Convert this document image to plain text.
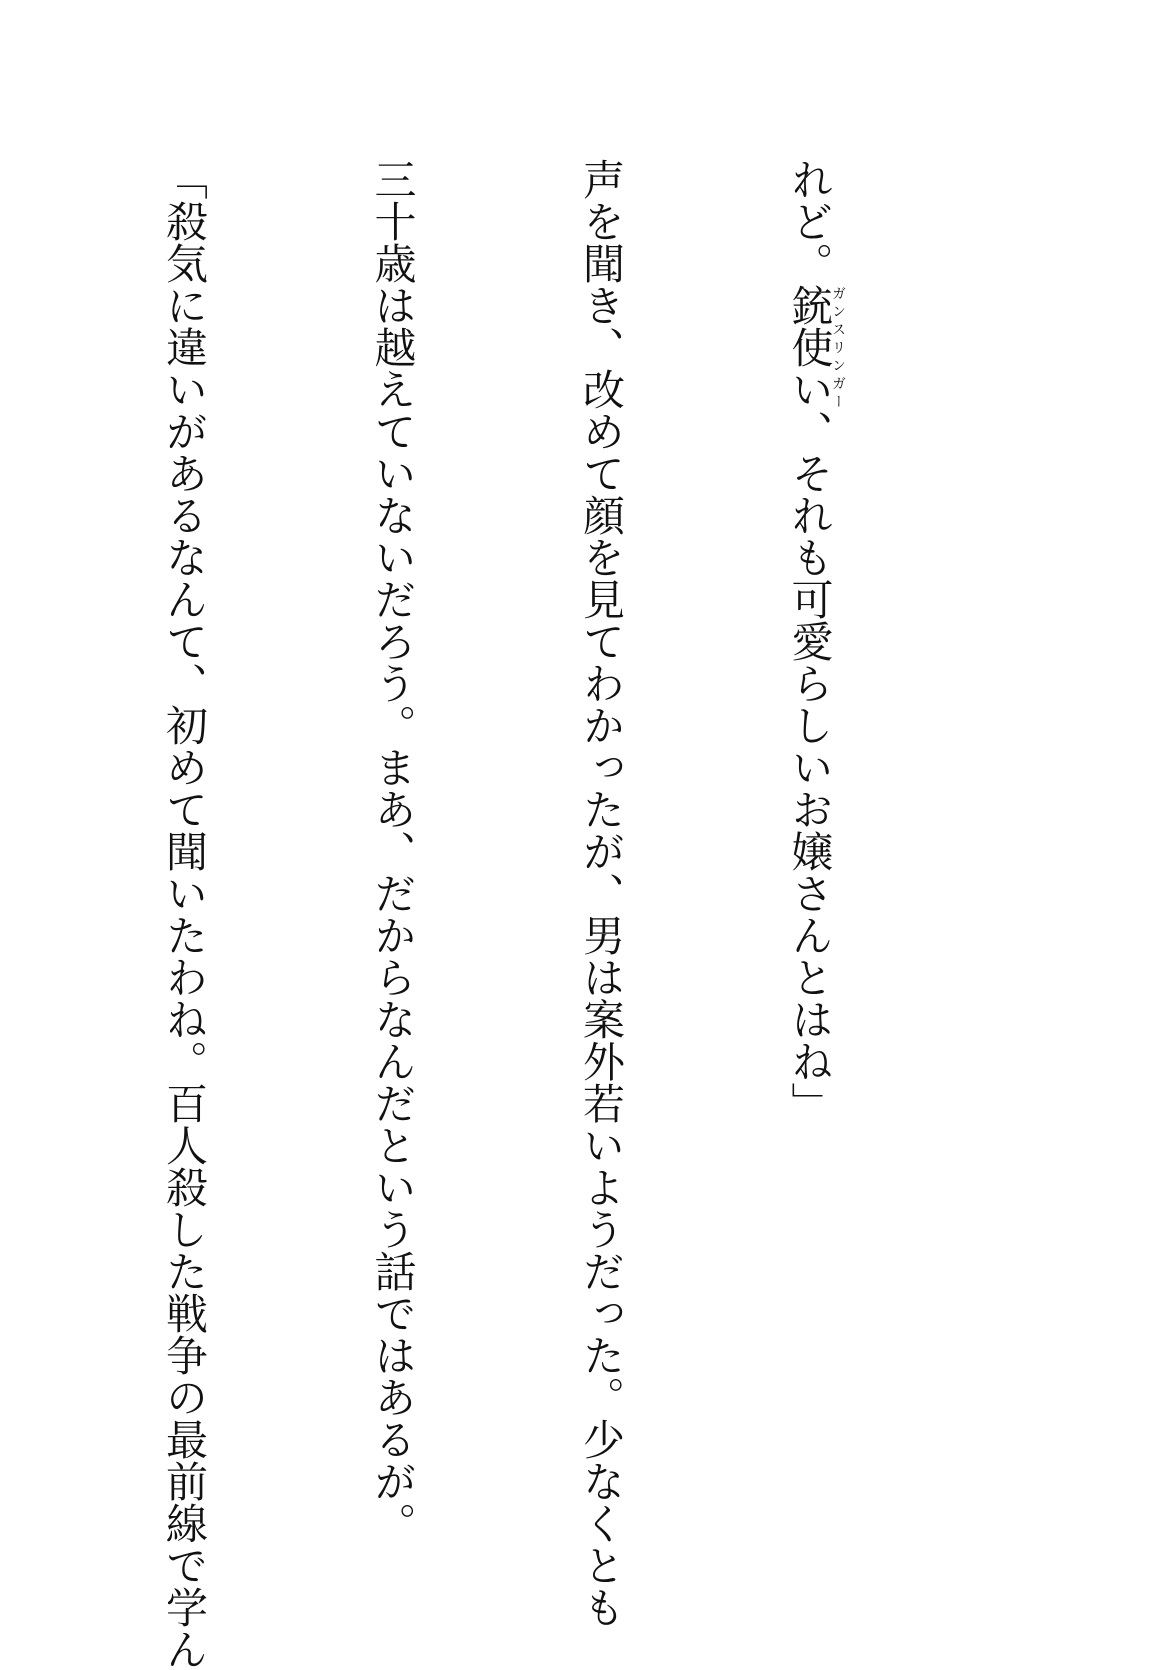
れど。銃使いガンスリンガー、それも可愛らしいお嬢さんとはね」

声を聞き、改めて顔を見てわかったが、男は案外若いようだった。少なくとも

三十歳は越えていないだろう。まあ、だからなんだという話ではあるが。

「殺気に違いがあるなんて、初めて聞いたわね。百人殺した戦争の最前線で学ん
